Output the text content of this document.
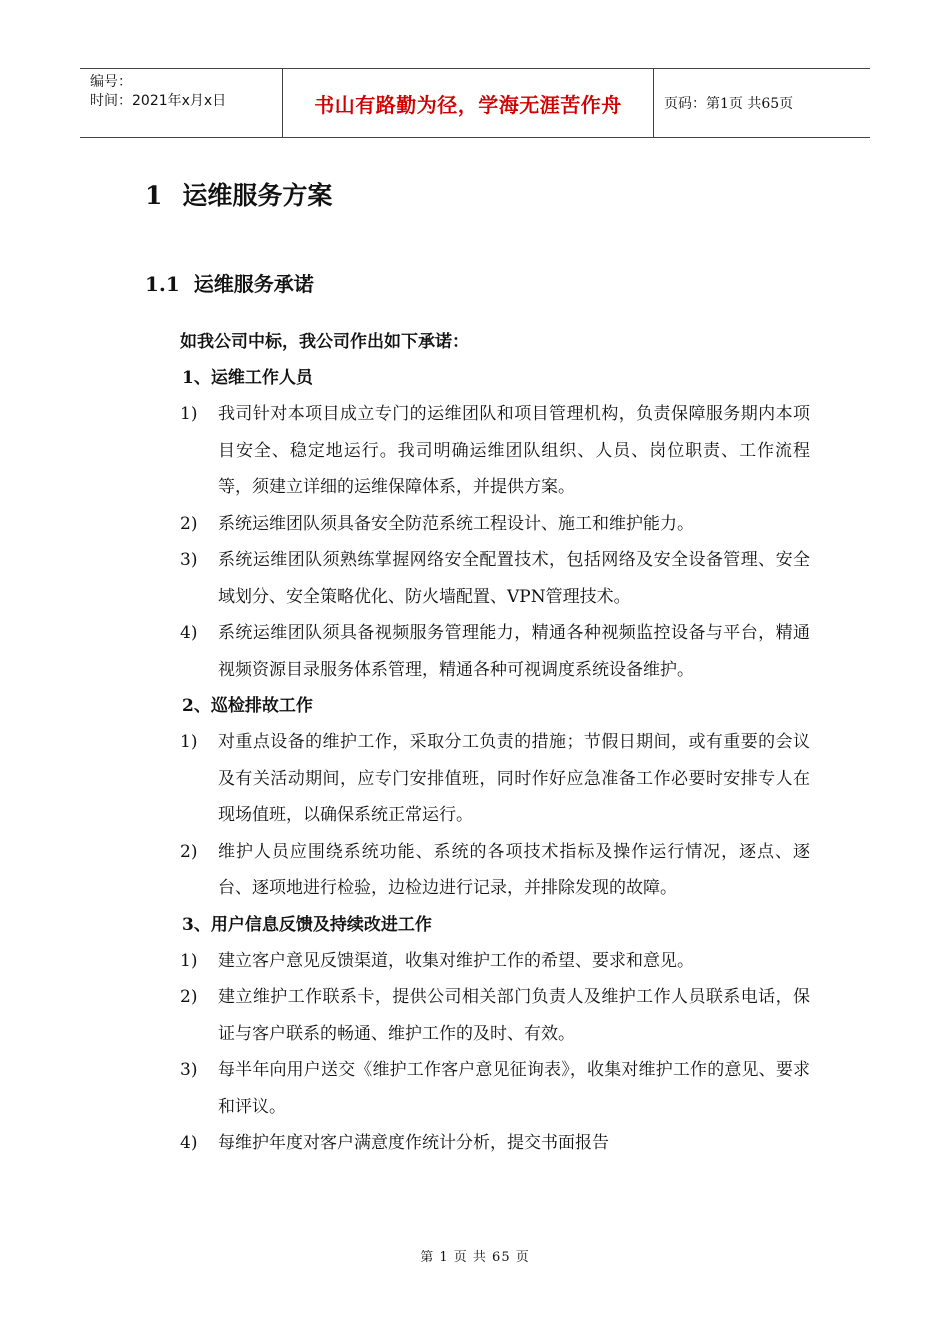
编号：
时间：2021年x月x日	书山有路勤为径，学海无涯苦作舟	页码：第1页 共65页
1 运维服务方案
1.1 运维服务承诺
如我公司中标，我公司作出如下承诺：
1、运维工作人员
1)	我司针对本项目成立专门的运维团队和项目管理机构，负责保障服务期内本项目安全、稳定地运行。我司明确运维团队组织、人员、岗位职责、工作流程等，须建立详细的运维保障体系，并提供方案。
2)	系统运维团队须具备安全防范系统工程设计、施工和维护能力。
3)	系统运维团队须熟练掌握网络安全配置技术，包括网络及安全设备管理、安全域划分、安全策略优化、防火墙配置、VPN管理技术。
4)	系统运维团队须具备视频服务管理能力，精通各种视频监控设备与平台，精通视频资源目录服务体系管理，精通各种可视调度系统设备维护。
2、巡检排故工作
1)	对重点设备的维护工作，采取分工负责的措施；节假日期间，或有重要的会议及有关活动期间，应专门安排值班，同时作好应急准备工作必要时安排专人在现场值班，以确保系统正常运行。
2)	维护人员应围绕系统功能、系统的各项技术指标及操作运行情况，逐点、逐台、逐项地进行检验，边检边进行记录，并排除发现的故障。
3、用户信息反馈及持续改进工作
1)	建立客户意见反馈渠道，收集对维护工作的希望、要求和意见。
2)	建立维护工作联系卡，提供公司相关部门负责人及维护工作人员联系电话，保证与客户联系的畅通、维护工作的及时、有效。
3)	每半年向用户送交《维护工作客户意见征询表》，收集对维护工作的意见、要求和评议。
4)	每维护年度对客户满意度作统计分析，提交书面报告
第 1 页 共 65 页
